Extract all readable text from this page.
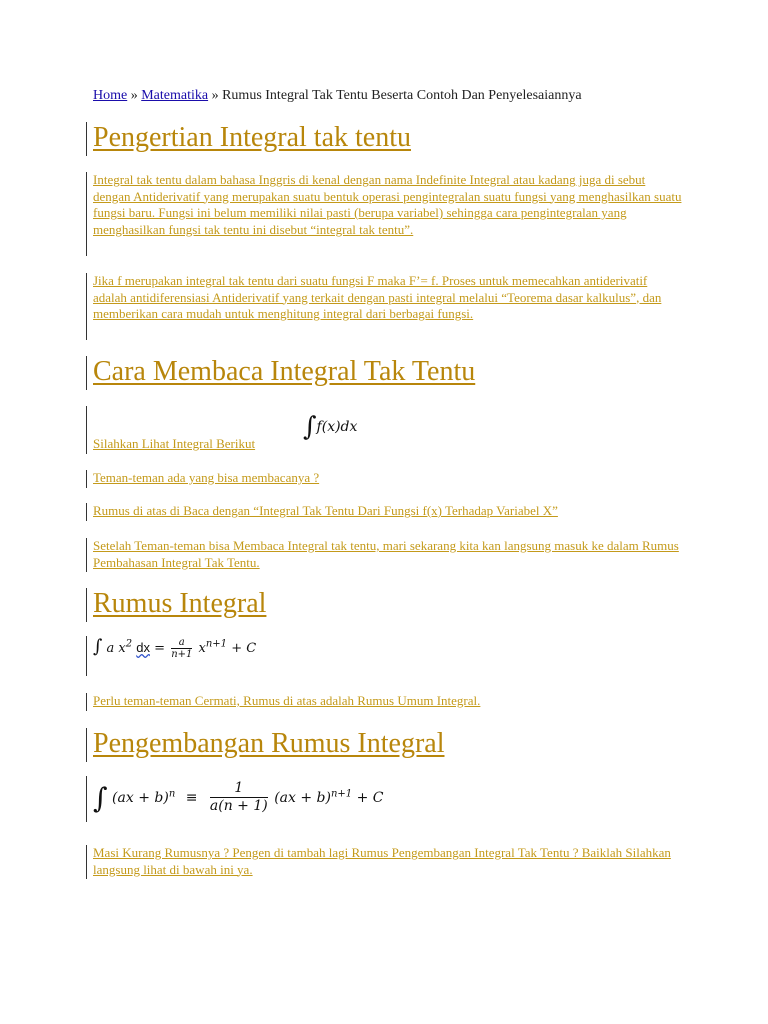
Home » Matematika » Rumus Integral Tak Tentu Beserta Contoh Dan Penyelesaiannya
Pengertian Integral tak tentu

Integral tak tentu dalam bahasa Inggris di kenal dengan nama Indefinite Integral atau kadang juga di sebut dengan Antiderivatif yang merupakan suatu bentuk operasi pengintegralan suatu fungsi yang menghasilkan suatu fungsi baru. Fungsi ini belum memiliki nilai pasti (berupa variabel) sehingga cara pengintegralan yang menghasilkan fungsi tak tentu ini disebut “integral tak tentu”.

Jika f merupakan integral tak tentu dari suatu fungsi F maka F’= f. Proses untuk memecahkan antiderivatif adalah antidiferensiasi Antiderivatif yang terkait dengan pasti integral melalui “Teorema dasar kalkulus”, dan memberikan cara mudah untuk menghitung integral dari berbagai fungsi.

Cara Membaca Integral Tak Tentu
Silahkan Lihat Integral Berikut
∫f(x)dx

Teman-teman ada yang bisa membacanya ?

Rumus di atas di Baca dengan “Integral Tak Tentu Dari Fungsi f(x) Terhadap Variabel X”

Setelah Teman-teman bisa Membaca Integral tak tentu, mari sekarang kita kan langsung masuk ke dalam Rumus Pembahasan Integral Tak Tentu.

Rumus Integral
∫ a $x^2$ dx = $\frac{a}{n+1} x^{n+1} + C$

Perlu teman-teman Cermati, Rumus di atas adalah Rumus Umum Integral.

Pengembangan Rumus Integral
∫ $(ax + b)^n \equiv \frac{1}{a(n + 1)} (ax + b)^{n+1} + C$

Masi Kurang Rumusnya ? Pengen di tambah lagi Rumus Pengembangan Integral Tak Tentu ? Baiklah Silahkan langsung lihat di bawah ini ya.
